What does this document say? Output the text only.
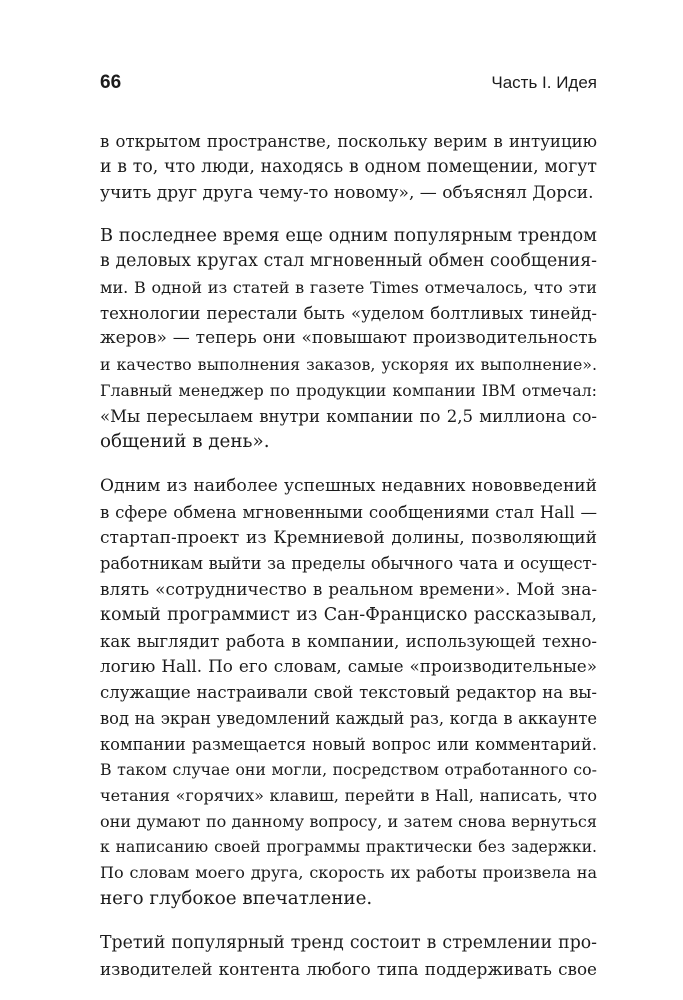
66	Часть I. Идея
в открытом пространстве, поскольку верим в интуицию
и в то, что люди, находясь в одном помещении, могут
учить друг друга чему-то новому», — объяснял Дорси.
В последнее время еще одним популярным трендом
в деловых кругах стал мгновенный обмен сообщения-
ми. В одной из статей в газете Times отмечалось, что эти
технологии перестали быть «уделом болтливых тинейд-
жеров» — теперь они «повышают производительность
и качество выполнения заказов, ускоряя их выполнение».
Главный менеджер по продукции компании IBM отмечал:
«Мы пересылаем внутри компании по 2,5 миллиона со-
общений в день».
Одним из наиболее успешных недавних нововведений
в сфере обмена мгновенными сообщениями стал Hall —
стартап-проект из Кремниевой долины, позволяющий
работникам выйти за пределы обычного чата и осущест-
влять «сотрудничество в реальном времени». Мой зна-
комый программист из Сан-Франциско рассказывал,
как выглядит работа в компании, использующей техно-
логию Hall. По его словам, самые «производительные»
служащие настраивали свой текстовый редактор на вы-
вод на экран уведомлений каждый раз, когда в аккаунте
компании размещается новый вопрос или комментарий.
В таком случае они могли, посредством отработанного со-
четания «горячих» клавиш, перейти в Hall, написать, что
они думают по данному вопросу, и затем снова вернуться
к написанию своей программы практически без задержки.
По словам моего друга, скорость их работы произвела на
него глубокое впечатление.
Третий популярный тренд состоит в стремлении про-
изводителей контента любого типа поддерживать свое
